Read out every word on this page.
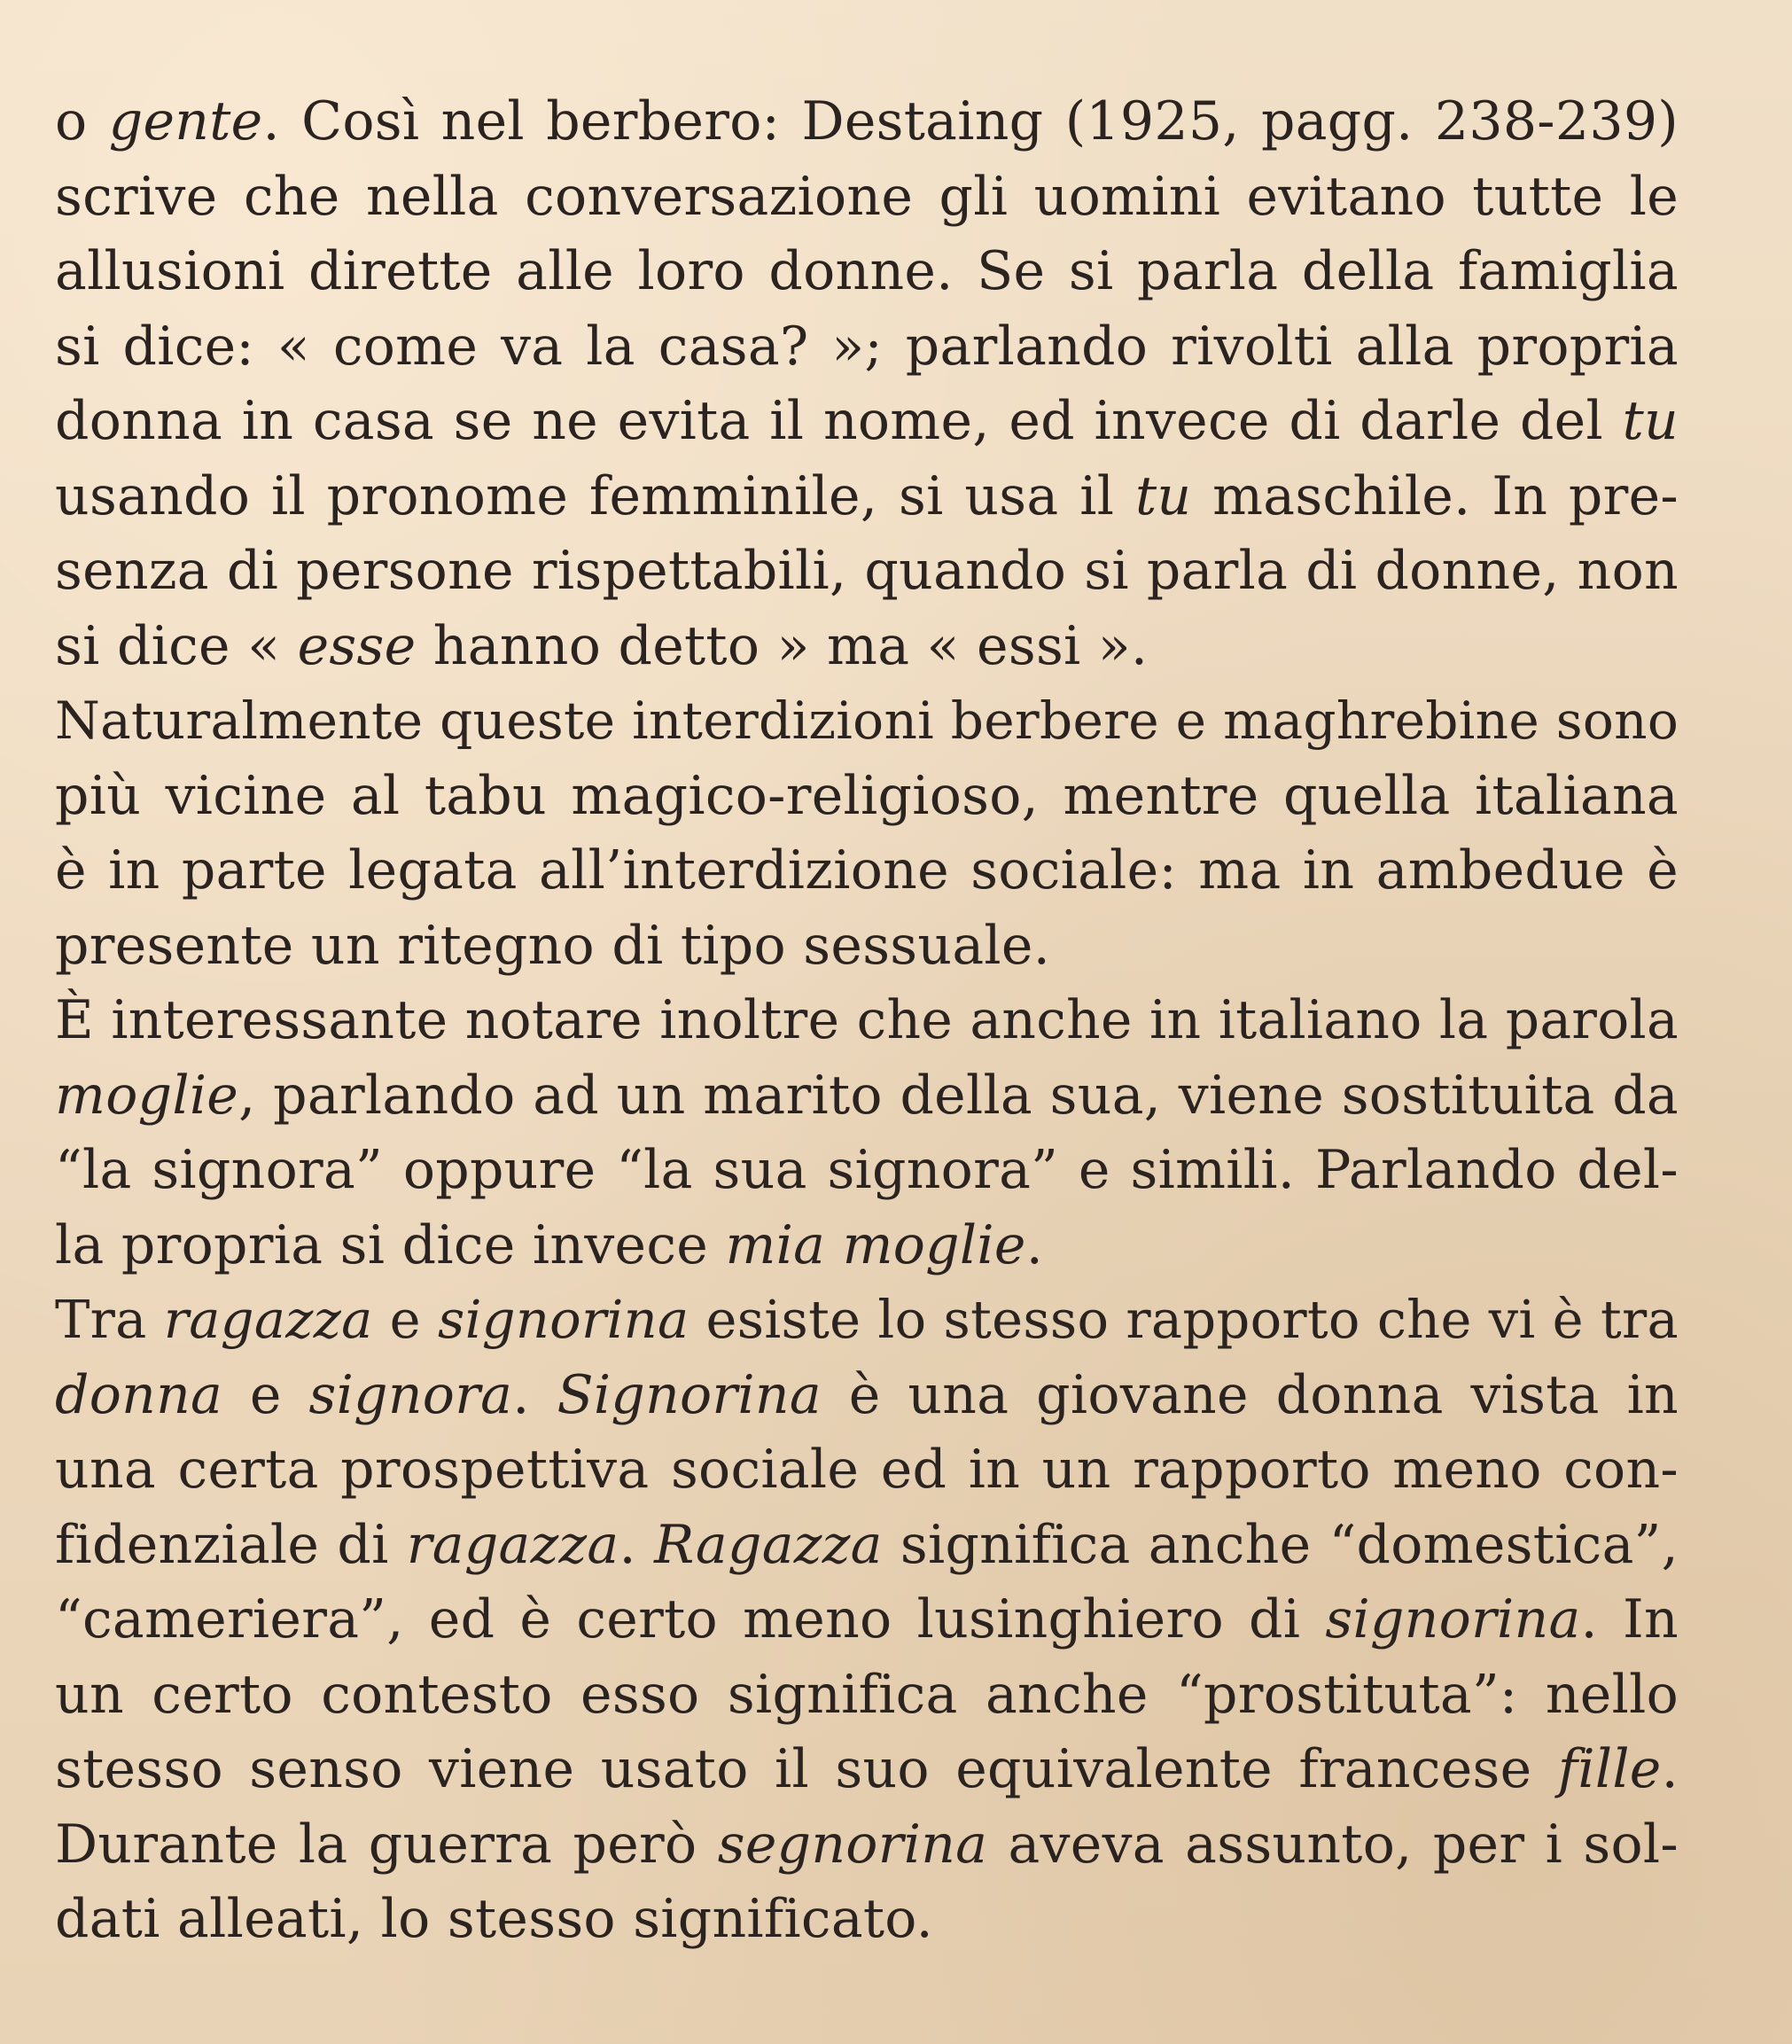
o gente. Così nel berbero: Destaing (1925, pagg. 238-239)
scrive che nella conversazione gli uomini evitano tutte le
allusioni dirette alle loro donne. Se si parla della famiglia
si dice: « come va la casa? »; parlando rivolti alla propria
donna in casa se ne evita il nome, ed invece di darle del tu
usando il pronome femminile, si usa il tu maschile. In pre-
senza di persone rispettabili, quando si parla di donne, non
si dice « esse hanno detto » ma « essi ».
Naturalmente queste interdizioni berbere e maghrebine sono
più vicine al tabu magico-religioso, mentre quella italiana
è in parte legata all’interdizione sociale: ma in ambedue è
presente un ritegno di tipo sessuale.
È interessante notare inoltre che anche in italiano la parola
moglie, parlando ad un marito della sua, viene sostituita da
“la signora” oppure “la sua signora” e simili. Parlando del-
la propria si dice invece mia moglie.
Tra ragazza e signorina esiste lo stesso rapporto che vi è tra
donna e signora. Signorina è una giovane donna vista in
una certa prospettiva sociale ed in un rapporto meno con-
fidenziale di ragazza. Ragazza significa anche “domestica”,
“cameriera”, ed è certo meno lusinghiero di signorina. In
un certo contesto esso significa anche “prostituta”: nello
stesso senso viene usato il suo equivalente francese fille.
Durante la guerra però segnorina aveva assunto, per i sol-
dati alleati, lo stesso significato.
